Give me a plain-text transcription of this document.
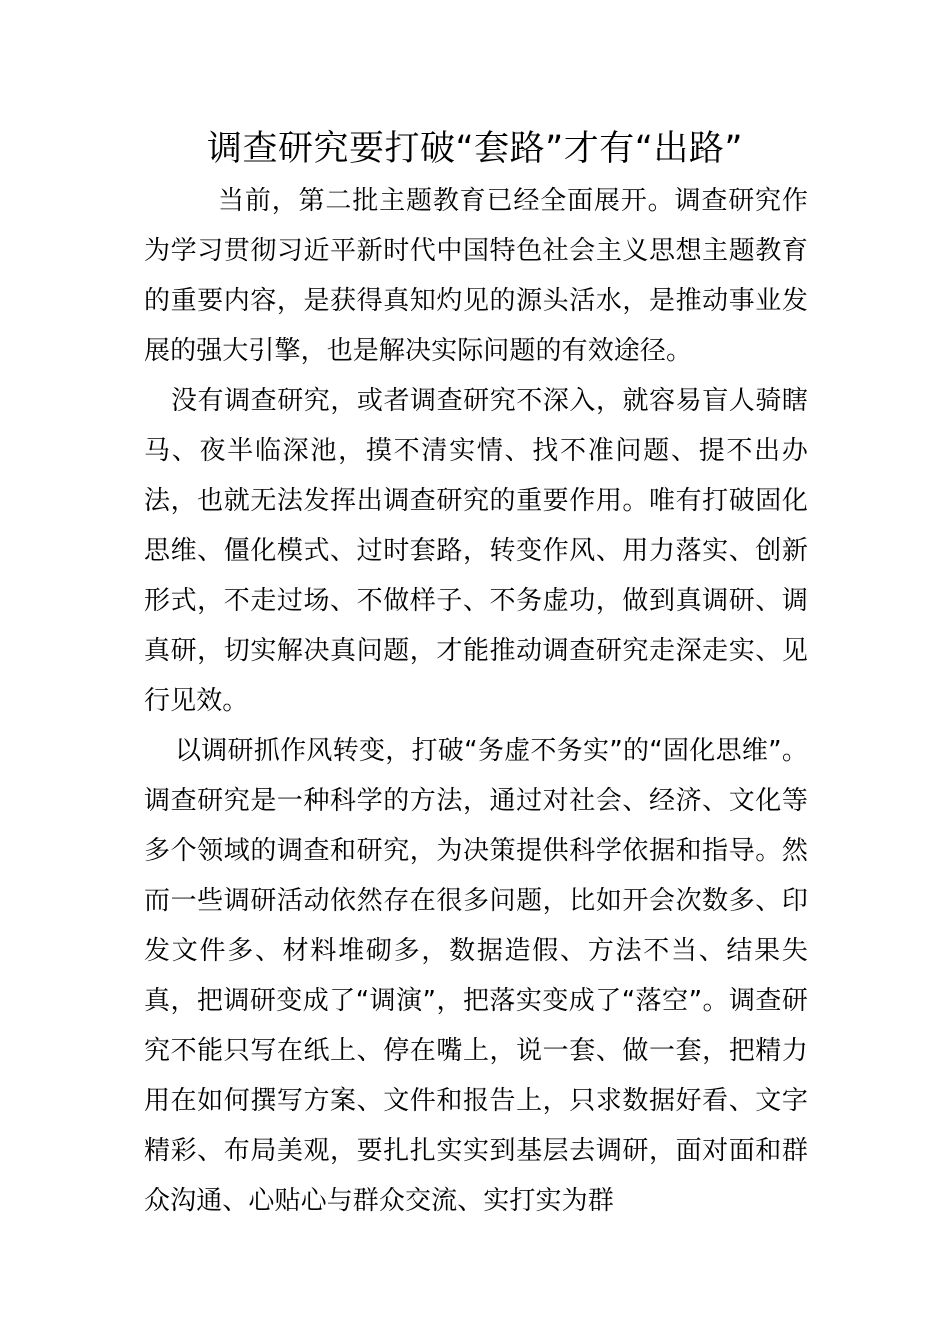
调查研究要打破“套路”才有“出路”

当前，第二批主题教育已经全面展开。调查研究作为学习贯彻习近平新时代中国特色社会主义思想主题教育的重要内容，是获得真知灼见的源头活水，是推动事业发展的强大引擎，也是解决实际问题的有效途径。

没有调查研究，或者调查研究不深入，就容易盲人骑瞎马、夜半临深池，摸不清实情、找不准问题、提不出办法，也就无法发挥出调查研究的重要作用。唯有打破固化思维、僵化模式、过时套路，转变作风、用力落实、创新形式，不走过场、不做样子、不务虚功，做到真调研、调真研，切实解决真问题，才能推动调查研究走深走实、见行见效。

以调研抓作风转变，打破“务虚不务实”的“固化思维”。调查研究是一种科学的方法，通过对社会、经济、文化等多个领域的调查和研究，为决策提供科学依据和指导。然而一些调研活动依然存在很多问题，比如开会次数多、印发文件多、材料堆砌多，数据造假、方法不当、结果失真，把调研变成了“调演”，把落实变成了“落空”。调查研究不能只写在纸上、停在嘴上，说一套、做一套，把精力用在如何撰写方案、文件和报告上，只求数据好看、文字精彩、布局美观，要扎扎实实到基层去调研，面对面和群众沟通、心贴心与群众交流、实打实为群
